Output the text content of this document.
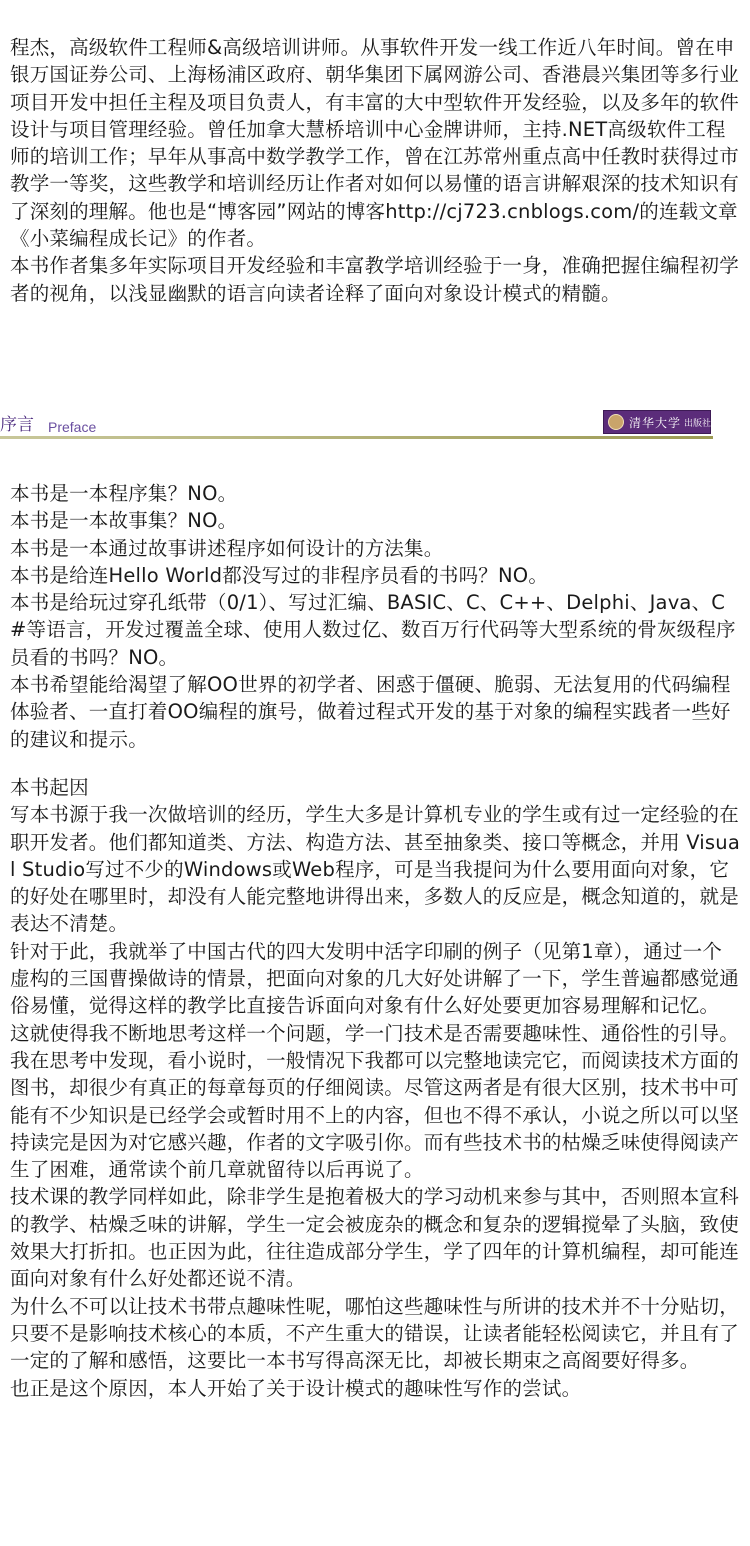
程杰，高级软件工程师&高级培训讲师。从事软件开发一线工作近八年时间。曾在申银万国证券公司、上海杨浦区政府、朝华集团下属网游公司、香港晨兴集团等多行业项目开发中担任主程及项目负责人，有丰富的大中型软件开发经验，以及多年的软件设计与项目管理经验。曾任加拿大慧桥培训中心金牌讲师，主持.NET高级软件工程师的培训工作；早年从事高中数学教学工作，曾在江苏常州重点高中任教时获得过市教学一等奖，这些教学和培训经历让作者对如何以易懂的语言讲解艰深的技术知识有了深刻的理解。他也是“博客园”网站的博客http://cj723.cnblogs.com/的连载文章《小菜编程成长记》的作者。
本书作者集多年实际项目开发经验和丰富教学培训经验于一身，准确把握住编程初学者的视角，以浅显幽默的语言向读者诠释了面向对象设计模式的精髓。
序言 Preface	清华大学 出版社
本书是一本程序集？NO。
本书是一本故事集？NO。
本书是一本通过故事讲述程序如何设计的方法集。
本书是给连Hello World都没写过的非程序员看的书吗？NO。
本书是给玩过穿孔纸带（0/1）、写过汇编、BASIC、C、C++、Delphi、Java、C#等语言，开发过覆盖全球、使用人数过亿、数百万行代码等大型系统的骨灰级程序员看的书吗？NO。
本书希望能给渴望了解OO世界的初学者、困惑于僵硬、脆弱、无法复用的代码编程体验者、一直打着OO编程的旗号，做着过程式开发的基于对象的编程实践者一些好的建议和提示。
本书起因
写本书源于我一次做培训的经历，学生大多是计算机专业的学生或有过一定经验的在职开发者。他们都知道类、方法、构造方法、甚至抽象类、接口等概念，并用 Visual Studio写过不少的Windows或Web程序，可是当我提问为什么要用面向对象，它的好处在哪里时，却没有人能完整地讲得出来，多数人的反应是，概念知道的，就是表达不清楚。
针对于此，我就举了中国古代的四大发明中活字印刷的例子（见第1章），通过一个虚构的三国曹操做诗的情景，把面向对象的几大好处讲解了一下，学生普遍都感觉通俗易懂，觉得这样的教学比直接告诉面向对象有什么好处要更加容易理解和记忆。
这就使得我不断地思考这样一个问题，学一门技术是否需要趣味性、通俗性的引导。
我在思考中发现，看小说时，一般情况下我都可以完整地读完它，而阅读技术方面的图书，却很少有真正的每章每页的仔细阅读。尽管这两者是有很大区别，技术书中可能有不少知识是已经学会或暂时用不上的内容，但也不得不承认，小说之所以可以坚持读完是因为对它感兴趣，作者的文字吸引你。而有些技术书的枯燥乏味使得阅读产生了困难，通常读个前几章就留待以后再说了。
技术课的教学同样如此，除非学生是抱着极大的学习动机来参与其中，否则照本宣科的教学、枯燥乏味的讲解，学生一定会被庞杂的概念和复杂的逻辑搅晕了头脑，致使效果大打折扣。也正因为此，往往造成部分学生，学了四年的计算机编程，却可能连面向对象有什么好处都还说不清。
为什么不可以让技术书带点趣味性呢，哪怕这些趣味性与所讲的技术并不十分贴切，只要不是影响技术核心的本质，不产生重大的错误，让读者能轻松阅读它，并且有了一定的了解和感悟，这要比一本书写得高深无比，却被长期束之高阁要好得多。
也正是这个原因，本人开始了关于设计模式的趣味性写作的尝试。
